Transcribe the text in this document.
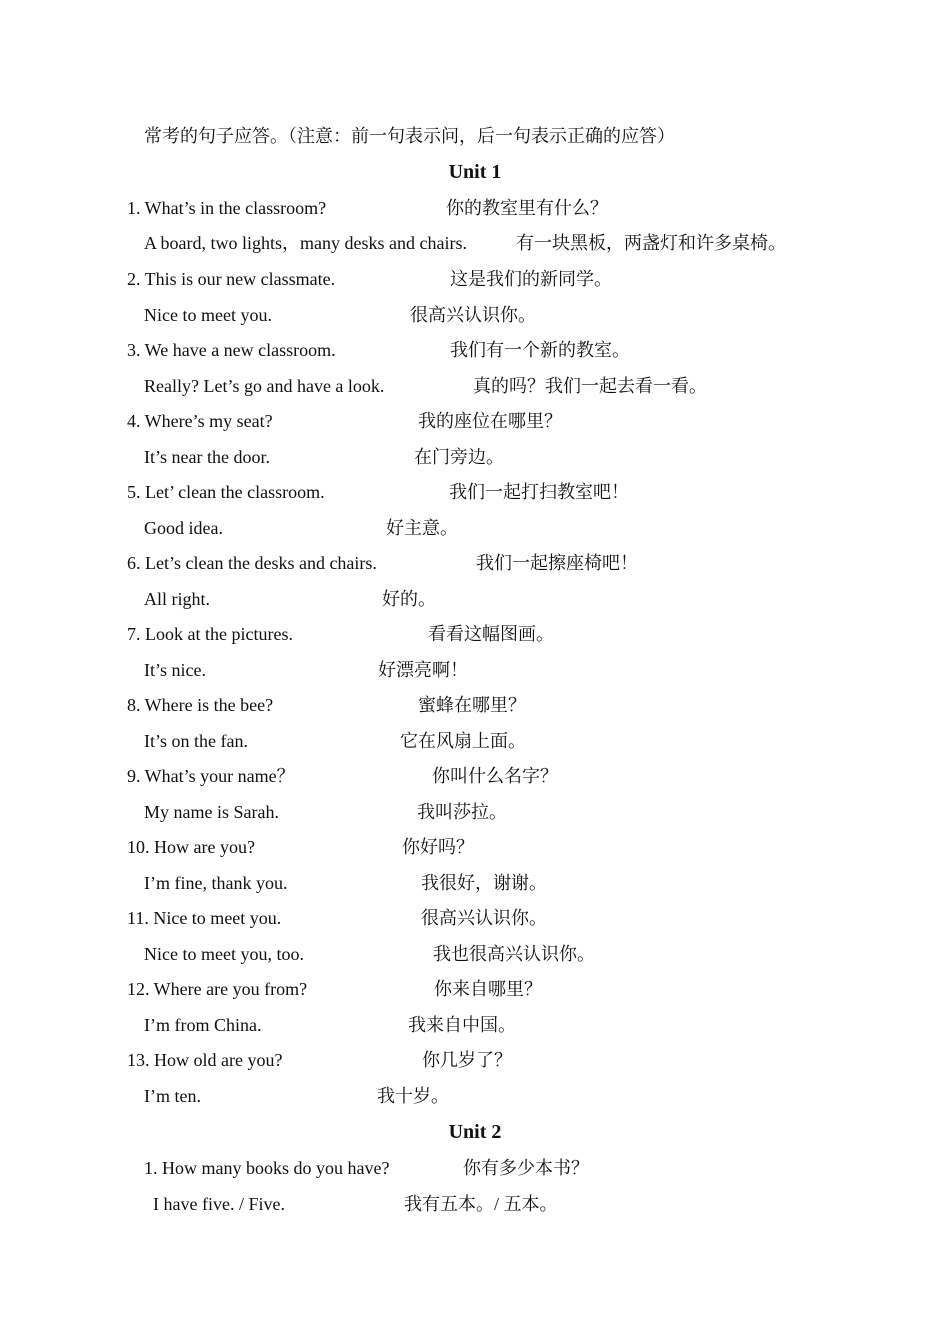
常考的句子应答。（注意：前一句表示问，后一句表示正确的应答）
Unit 1
1. What’s in the classroom?	你的教室里有什么？
A board, two lights，many desks and chairs.	有一块黑板，两盏灯和许多桌椅。
2. This is our new classmate.	这是我们的新同学。
Nice to meet you.	很高兴认识你。
3. We have a new classroom.	我们有一个新的教室。
Really? Let’s go and have a look.	真的吗？我们一起去看一看。
4. Where’s my seat?	我的座位在哪里？
It’s near the door.	在门旁边。
5. Let’ clean the classroom.	我们一起打扫教室吧！
Good idea.	好主意。
6. Let’s clean the desks and chairs.	我们一起擦座椅吧！
All right.	好的。
7. Look at the pictures.	看看这幅图画。
It’s nice.	好漂亮啊！
8. Where is the bee?	蜜蜂在哪里？
It’s on the fan.	它在风扇上面。
9. What’s your name？	你叫什么名字？
My name is Sarah.	我叫莎拉。
10. How are you?	你好吗？
I’m fine, thank you.	我很好，谢谢。
11. Nice to meet you.	很高兴认识你。
Nice to meet you, too.	我也很高兴认识你。
12. Where are you from?	你来自哪里？
I’m from China.	我来自中国。
13. How old are you?	你几岁了？
I’m ten.	我十岁。
Unit 2
1. How many books do you have?	你有多少本书？
I have five. / Five.	我有五本。/ 五本。
